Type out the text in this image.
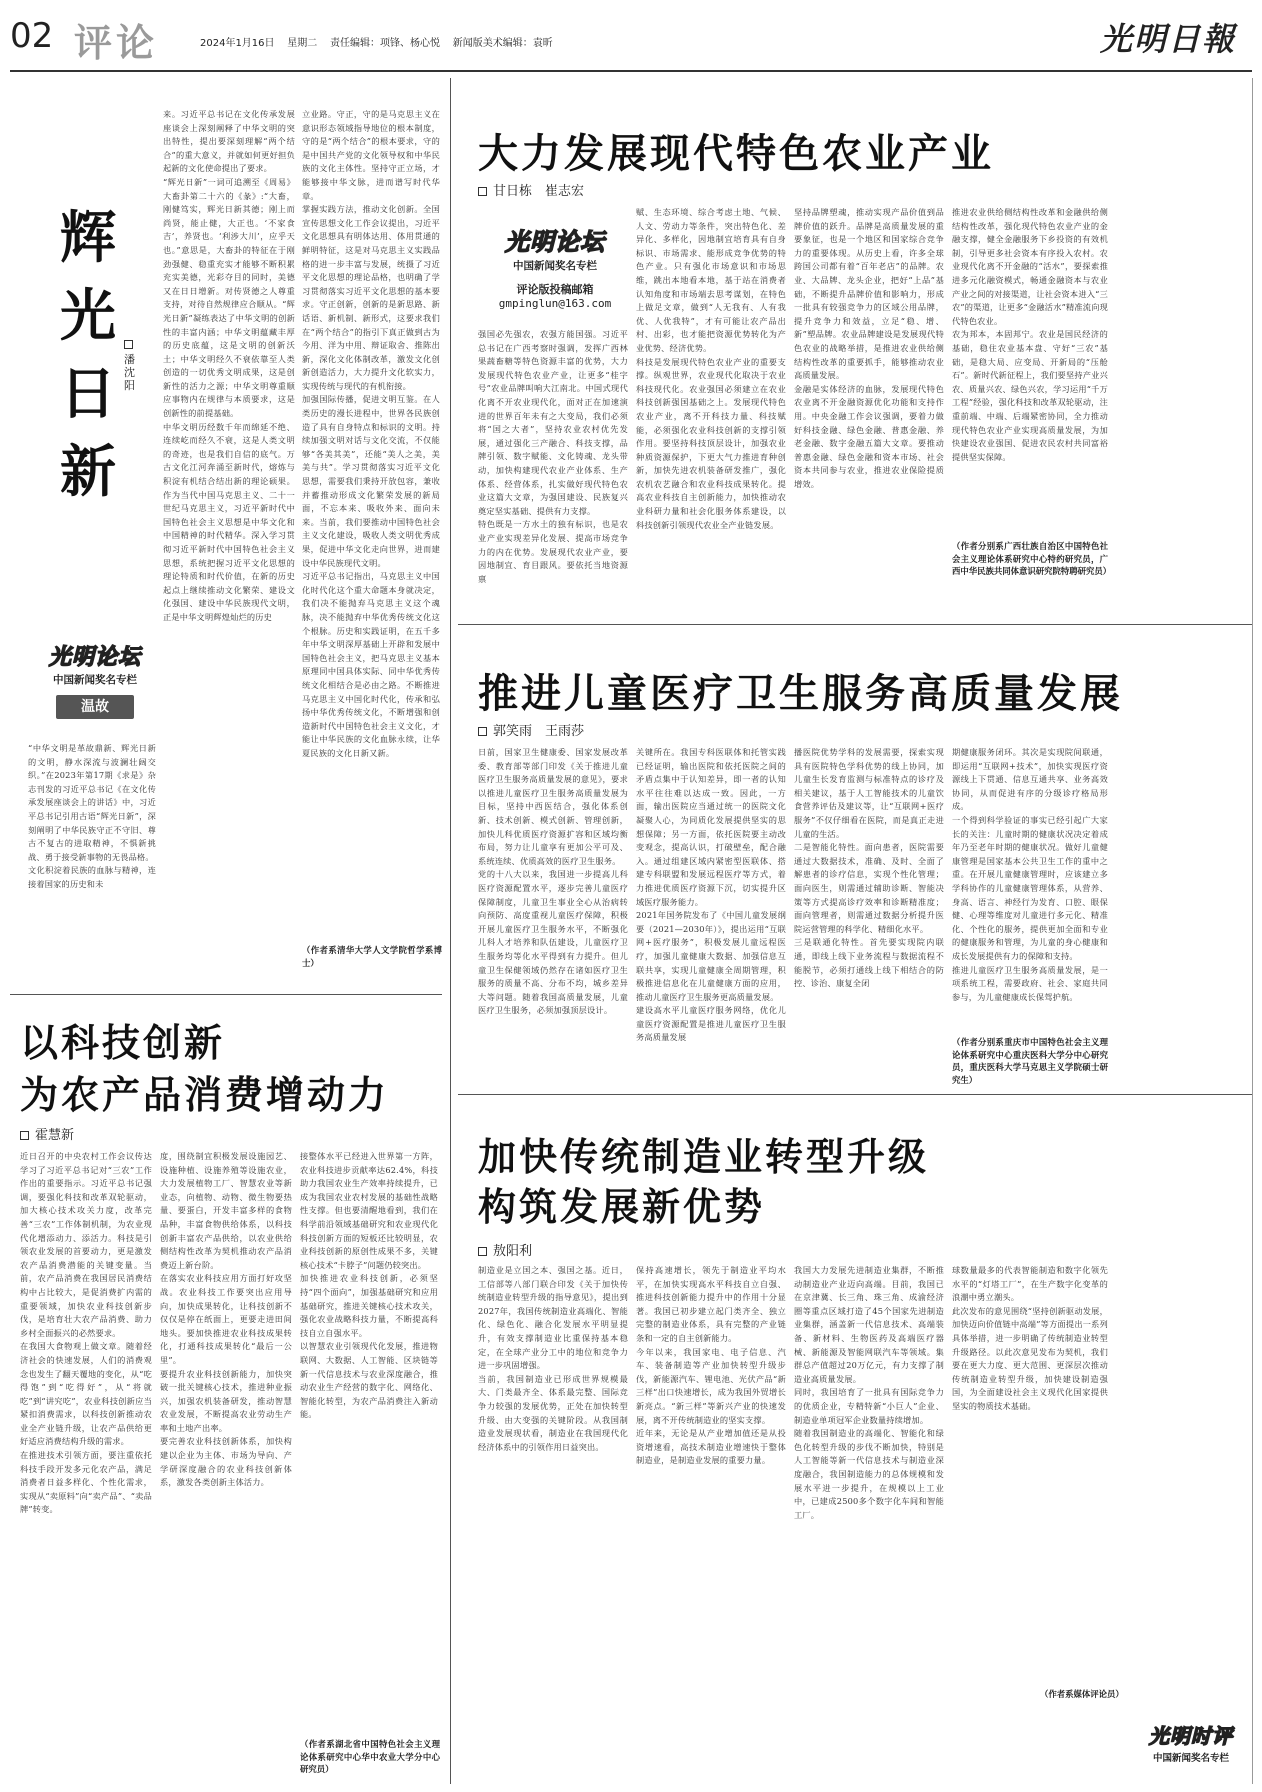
02 评论	2024年1月16日 星期二 责任编辑：项锋、杨心悦 新闻版美术编辑：袁昕	光明日報
辉光日新
潘沈阳
光明论坛
中国新闻奖名专栏
温故
“中华文明是革故鼎新、辉光日新的文明，静水深流与波澜壮阔交织。”在2023年第17期《求是》杂志刊发的习近平总书记《在文化传承发展座谈会上的讲话》中，习近平总书记引用古语“辉光日新”，深刻阐明了中华民族守正不守旧、尊古不复古的进取精神，不惧新挑战、勇于接受新事物的无畏品格。
文化积淀着民族的血脉与精神，连接着国家的历史和未
来。习近平总书记在文化传承发展座谈会上深刻阐释了中华文明的突出特性，提出要深刻理解“两个结合”的重大意义，并就如何更好担负起新的文化使命提出了要求。
“辉光日新”一词可追溯至《周易》大畜卦第二十六的《彖》:“大畜，刚健笃实，辉光日新其德；刚上而尚贤，能止健，大正也。‘不家食吉’，养贤也。‘利涉大川’，应乎天也。”意思是，大畜卦的特征在于刚劲强健、稳重充实才能够不断积累充实美德，光彩夺目的同时，美德又在日日增新。对传贤德之人尊重支持，对待自然规律应合顺从。“辉光日新”凝练表达了中华文明的创新性的丰富内涵；中华文明蕴藏丰厚的历史底蕴，这是文明的创新沃土；中华文明经久不衰依靠至人类创造的一切优秀文明成果，这是创新性的活力之源；中华文明尊重顺应事物内在规律与本质要求，这是创新性的前提基础。
中华文明历经数千年而绵延不绝、连续屹而经久不衰，这是人类文明的奇迹，也是我们自信的底气。万古文化江河奔涌至新时代，熔炼与积淀有机结合结出新的理论硕果。作为当代中国马克思主义、二十一世纪马克思主义，习近平新时代中国特色社会主义思想是中华文化和中国精神的时代精华。深入学习贯彻习近平新时代中国特色社会主义思想，系统把握习近平文化思想的理论特质和时代价值，在新的历史起点上继续推动文化繁荣、建设文化强国、建设中华民族现代文明，正是中华文明辉煌灿烂的历史
立业路。守正，守的是马克思主义在意识形态领域指导地位的根本制度，守的是“两个结合”的根本要求，守的是中国共产党的文化领导权和中华民族的文化主体性。坚持守正立场，才能够接中华文脉，进而谱写时代华章。
掌握实践方法，推动文化创新。全国宣传思想文化工作会议提出，习近平文化思想具有明体达用、体用贯通的鲜明特征，这是对马克思主义实践品格的进一步丰富与发展，统摄了习近平文化思想的理论品格，也明确了学习贯彻落实习近平文化思想的基本要求。守正创新，创新的是新思路、新话语、新机制、新形式，这要求我们在“两个结合”的指引下真正做到古为今用、洋为中用、辩证取舍、推陈出新，深化文化体制改革，激发文化创新创造活力，大力提升文化软实力，实现传统与现代的有机衔接。
加强国际传播，促进文明互鉴。在人类历史的漫长进程中，世界各民族创造了具有自身特点和标识的文明。持续加强文明对话与文化交流，不仅能够“各美其美”，还能“美人之美，美美与共”。学习贯彻落实习近平文化思想，需要我们秉持开放包容，兼收并蓄推动形成文化繁荣发展的新局面，不忘本来、吸收外来、面向未来。当前，我们要推动中国特色社会主义文化建设，吸收人类文明优秀成果，促进中华文化走向世界，进而建设中华民族现代文明。
习近平总书记指出，马克思主义中国化时代化这个重大命题本身就决定，我们决不能抛弃马克思主义这个魂脉，决不能抛弃中华优秀传统文化这个根脉。历史和实践证明，在五千多年中华文明深厚基础上开辟和发展中国特色社会主义，把马克思主义基本原理同中国具体实际、同中华优秀传统文化相结合是必由之路。不断推进马克思主义中国化时代化，传承和弘扬中华优秀传统文化，不断增强和创造新时代中国特色社会主义文化，才能让中华民族的文化血脉永续，让华夏民族的文化日新又新。
（作者系清华大学人文学院哲学系博士）
以科技创新
为农产品消费增动力
霍慧新
近日召开的中央农村工作会议传达学习了习近平总书记对“三农”工作作出的重要指示。习近平总书记强调，要强化科技和改革双轮驱动，加大核心技术攻关力度，改革完善“三农”工作体制机制，为农业现代化增添动力、添活力。科技是引领农业发展的首要动力，更是激发农产品消费潜能的关键变量。当前，农产品消费在我国居民消费结构中占比较大，是促消费扩内需的重要领域，加快农业科技创新步伐，是培育壮大农产品消费、助力乡村全面振兴的必然要求。
在我国大食物观上做文章。随着经济社会的快速发展，人们的消费观念也发生了翻天覆地的变化，从“吃得饱”到“吃得好”，从“将就吃”到“讲究吃”，农业科技创新应当紧扣消费需求，以科技创新推动农业全产业链升级，让农产品供给更好适应消费结构升级的需求。
在推进技术引领方面，要注重依托科技手段开发多元化农产品，满足消费者日益多样化、个性化需求，实现从“卖原料”向“卖产品”、“卖品牌”转变。
度，围绕制宜积极发展设施园艺、设施种植、设施养殖等设施农业，大力发展植物工厂、智慧农业等新业态，向植物、动物、微生物要热量、要蛋白，开发丰富多样的食物品种，丰富食物供给体系，以科技创新丰富农产品供给，以农业供给侧结构性改革为契机推动农产品消费迈上新台阶。
在落实农业科技应用方面打好攻坚战。农业科技工作要突出应用导向，加快成果转化，让科技创新不仅仅是停在纸面上，更要走进田间地头。要加快推进农业科技成果转化，打通科技成果转化“最后一公里”。
要提升农业科技创新能力，加快突破一批关键核心技术，推进种业振兴，加强农机装备研发，推动智慧农业发展，不断提高农业劳动生产率和土地产出率。
要完善农业科技创新体系，加快构建以企业为主体、市场为导向、产学研深度融合的农业科技创新体系，激发各类创新主体活力。
接整体水平已经进入世界第一方阵，农业科技进步贡献率达62.4%，科技助力我国农业生产效率持续提升，已成为我国农业农村发展的基础性战略性支撑。但也要清醒地看到，我们在科学前沿领域基础研究和农业现代化科技创新方面的短板还比较明显，农业科技创新的原创性成果不多，关键核心技术“卡脖子”问题仍较突出。
加快推进农业科技创新，必须坚持“四个面向”，加强基础研究和应用基础研究，推进关键核心技术攻关，强化农业战略科技力量，不断提高科技自立自强水平。
以智慧农业引领现代化发展，推进物联网、大数据、人工智能、区块链等新一代信息技术与农业深度融合，推动农业生产经营的数字化、网络化、智能化转型，为农产品消费注入新动能。
（作者系湖北省中国特色社会主义理论体系研究中心华中农业大学分中心研究员）
大力发展现代特色农业产业
甘日栋　崔志宏
光明论坛
中国新闻奖名专栏
评论版投稿邮箱
gmpinglun@163.com
强国必先强农，农强方能国强。习近平总书记在广西考察时强调，发挥广西林果蔬畜糖等特色资源丰富的优势，大力发展现代特色农业产业，让更多“桂字号”农业品牌叫响大江南北。中国式现代化离不开农业现代化，面对正在加速演进的世界百年未有之大变局，我们必须将“国之大者”，坚持农业农村优先发展，通过强化三产融合、科技支撑，品牌引领、数字赋能、文化铸魂、龙头带动，加快构建现代农业产业体系、生产体系、经营体系，扎实做好现代特色农业这篇大文章，为强国建设、民族复兴奠定坚实基础、提供有力支撑。
特色既是一方水土的独有标识，也是农业产业实现差异化发展、提高市场竞争力的内在优势。发展现代农业产业，要因地制宜、育目跟风。要依托当地资源禀
赋、生态环境、综合考虑土地、气候、人文、劳动力等条件，突出特色化、差异化、多样化，因地制宜培育具有自身标识、市场需求、能形成竞争优势的特色产业。只有强化市场意识和市场思维，跳出本地看本地，基于站在消费者认知角度和市场端去思考谋划，在特色上做足文章，做到“人无我有、人有我优、人优我特”，才有可能让农产品出村、出彩，也才能把资源优势转化为产业优势、经济优势。
科技是发展现代特色农业产业的重要支撑。纵观世界，农业现代化取决于农业科技现代化。农业强国必须建立在农业科技创新强国基础之上。发展现代特色农业产业，离不开科技力量、科技赋能，必须强化农业科技创新的支撑引领作用。要坚持科技顶层设计，加强农业种质资源保护，下更大气力推进育种创新，加快先进农机装备研发推广，强化农机农艺融合和农业科技成果转化。提高农业科技自主创新能力，加快推动农业科研力量和社会化服务体系建设，以科技创新引领现代农业全产业链发展。
坚持品牌塑魂，推动实现产品价值到品牌价值的跃升。品牌是高质量发展的重要象征，也是一个地区和国家综合竞争力的重要体现。从历史上看，许多全球跨国公司都有着“百年老店”的品牌。农业、大品牌、龙头企业，把好“上品”基础，不断提升品牌价值和影响力，形成一批具有较强竞争力的区域公用品牌，提升竞争力和效益，立足“稳、增、新”塑品牌。农业品牌建设是发展现代特色农业的战略举措，是推进农业供给侧结构性改革的重要抓手，能够推动农业高质量发展。
金融是实体经济的血脉，发展现代特色农业离不开金融资源优化功能和支持作用。中央金融工作会议强调，要着力做好科技金融、绿色金融、普惠金融、养老金融、数字金融五篇大文章。要推动普惠金融、绿色金融和资本市场、社会资本共同参与农业，推进农业保险提质增效。
推进农业供给侧结构性改革和金融供给侧结构性改革，强化现代特色农业产业的金融支撑，健全金融服务下乡投资的有效机制，引导更多社会资本有序投入农村。农业现代化离不开金融的“活水”，要探索推进多元化融资模式，畅通金融资本与农业产业之间的对接渠道，让社会资本进入“三农”的渠道，让更多“金融活水”精准流向现代特色农业。
农为邦本，本固邦宁。农业是国民经济的基础，稳住农业基本盘、守好“三农”基础，是稳大局、应变局、开新局的“压舱石”。新时代新征程上，我们要坚持产业兴农、质量兴农、绿色兴农，学习运用“千万工程”经验，强化科技和改革双轮驱动，注重前端、中端、后端紧密协同，全力推动现代特色农业产业实现高质量发展，为加快建设农业强国、促进农民农村共同富裕提供坚实保障。
（作者分别系广西壮族自治区中国特色社会主义理论体系研究中心特约研究员，广西中华民族共同体意识研究院特聘研究员）
推进儿童医疗卫生服务高质量发展
郭笑雨　王雨莎
日前，国家卫生健康委、国家发展改革委、教育部等部门印发《关于推进儿童医疗卫生服务高质量发展的意见》，要求以推进儿童医疗卫生服务高质量发展为目标，坚持中西医结合，强化体系创新、技术创新、模式创新、管理创新，加快儿科优质医疗资源扩容和区域均衡布局，努力让儿童享有更加公平可及、系统连续、优质高效的医疗卫生服务。
党的十八大以来，我国进一步提高儿科医疗资源配置水平，逐步完善儿童医疗保障制度，儿童卫生事业全心从治病转向预防、高度重视儿童医疗保障，积极开展儿童医疗卫生服务水平，不断强化儿科人才培养和队伍建设，儿童医疗卫生服务均等化水平得到有力提升。但儿童卫生保健领域仍然存在诸如医疗卫生服务的质量不高、分布不均，城乡差异大等问题。随着我国高质量发展，儿童医疗卫生服务，必须加强顶层设计。
关键所在。我国专科医联体和托管实践已经证明，输出医院和依托医院之间的矛盾点集中于认知差异，即一者的认知水平往往难以达成一致。因此，一方面，输出医院应当通过统一的医院文化凝聚人心，为同质化发展提供坚实的思想保障；另一方面，依托医院要主动改变观念，提高认识，打破壁垒，配合融入。通过组建区域内紧密型医联体、搭建专科联盟和发展远程医疗等方式，着力推进优质医疗资源下沉，切实提升区域医疗服务能力。
2021年国务院发布了《中国儿童发展纲要（2021—2030年）》，提出运用“互联网+医疗服务”，积极发展儿童远程医疗，加强儿童健康大数据、加强信息互联共享，实现儿童健康全周期管理，积极推进信息化在儿童健康方面的应用，推动儿童医疗卫生服务更高质量发展。
建设高水平儿童医疗服务网络，优化儿童医疗资源配置是推进儿童医疗卫生服务高质量发展
播医院优势学科的发展需要，探索实现具有医院特色学科优势的线上协同，加儿童生长发育监测与标准特点的诊疗及相关建议，基于人工智能技术的儿童饮食营养评估及建议等，让“互联网+医疗服务”不仅仔细看在医院，而是真正走进儿童的生活。
二是智能化特性。面向患者，医院需要通过大数据技术，准确、及时、全面了解患者的诊疗信息，实现个性化管理；面向医生，则需通过辅助诊断、智能决策等方式提高诊疗效率和诊断精准度；面向管理者，则需通过数据分析提升医院运营管理的科学化、精细化水平。
三是联通化特性。首先要实现院内联通，即线上线下业务流程与数据流程不能脱节，必须打通线上线下相结合的防控、诊治、康复全闭
期健康服务闭环。其次是实现院间联通，即运用“互联网+技术”，加快实现医疗资源线上下贯通、信息互通共享、业务高效协同，从而促进有序的分级诊疗格局形成。
一个得到科学验证的事实已经引起广大家长的关注：儿童时期的健康状况决定着成年乃至老年时期的健康状况。做好儿童健康管理是国家基本公共卫生工作的重中之重。在开展儿童健康管理时，应该建立多学科协作的儿童健康管理体系，从营养、身高、语言、神经行为发育、口腔、眼保健、心理等维度对儿童进行多元化、精准化、个性化的服务，提供更加全面和专业的健康服务和管理，为儿童的身心健康和成长发展提供有力的保障和支持。
推进儿童医疗卫生服务高质量发展，是一项系统工程，需要政府、社会、家庭共同参与，为儿童健康成长保驾护航。
（作者分别系重庆市中国特色社会主义理论体系研究中心重庆医科大学分中心研究员，重庆医科大学马克思主义学院硕士研究生）
加快传统制造业转型升级
构筑发展新优势
敖阳利
制造业是立国之本、强国之基。近日，工信部等八部门联合印发《关于加快传统制造业转型升级的指导意见》，提出到2027年，我国传统制造业高端化、智能化、绿色化、融合化发展水平明显提升，有效支撑制造业比重保持基本稳定，在全球产业分工中的地位和竞争力进一步巩固增强。
当前，我国制造业已形成世界规模最大、门类最齐全、体系最完整、国际竞争力较强的发展优势，正处在加快转型升级、由大变强的关键阶段。从我国制造业发展现状看，制造业在我国现代化经济体系中的引领作用日益突出。
保持高速增长，领先于制造业平均水平，在加快实现高水平科技自立自强、推进科技创新能力提升中的作用十分显著。我国已初步建立起门类齐全、独立完整的制造业体系，具有完整的产业链条和一定的自主创新能力。
今年以来，我国家电、电子信息、汽车、装备制造等产业加快转型升级步伐，新能源汽车、锂电池、光伏产品“新三样”出口快速增长，成为我国外贸增长新亮点。“新三样”等新兴产业的快速发展，离不开传统制造业的坚实支撑。
近年来，无论是从产业增加值还是从投资增速看，高技术制造业增速快于整体制造业，是制造业发展的重要力量。
我国大力发展先进制造业集群，不断推动制造业产业迈向高端。目前，我国已在京津冀、长三角、珠三角、成渝经济圈等重点区域打造了45个国家先进制造业集群，涵盖新一代信息技术、高端装备、新材料、生物医药及高端医疗器械、新能源及智能网联汽车等领域。集群总产值超过20万亿元，有力支撑了制造业高质量发展。
同时，我国培育了一批具有国际竞争力的优质企业，专精特新“小巨人”企业、制造业单项冠军企业数量持续增加。
随着我国制造业的高端化、智能化和绿色化转型升级的步伐不断加快，特别是人工智能等新一代信息技术与制造业深度融合，我国制造能力的总体规模和发展水平进一步提升，在规模以上工业中，已建成2500多个数字化车间和智能工厂。
球数量最多的代表智能制造和数字化领先水平的“灯塔工厂”，在生产数字化变革的浪潮中勇立潮头。
此次发布的意见围绕“坚持创新驱动发展，加快迈向价值链中高端”等方面提出一系列具体举措，进一步明确了传统制造业转型升级路径。以此次意见发布为契机，我们要在更大力度、更大范围、更深层次推动传统制造业转型升级，加快建设制造强国，为全面建设社会主义现代化国家提供坚实的物质技术基础。
（作者系媒体评论员）
光明时评
中国新闻奖名专栏
